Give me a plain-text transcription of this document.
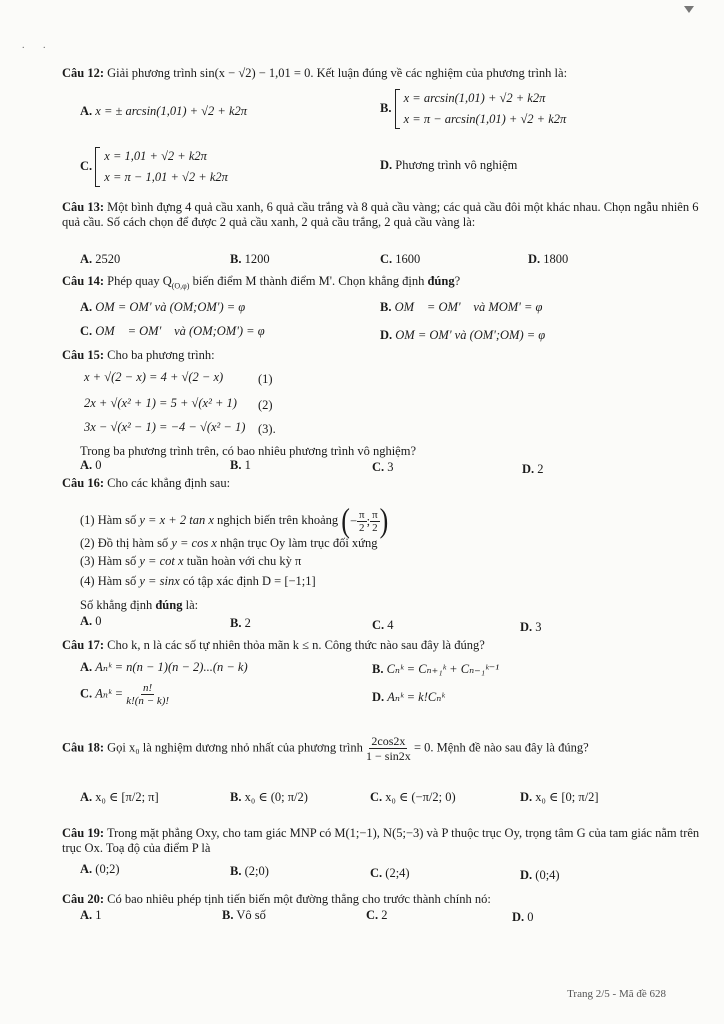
. .
Câu 12: Giải phương trình sin(x − √2) − 1,01 = 0. Kết luận đúng về các nghiệm của phương trình là:
A. x = ± arcsin(1,01) + √2 + k2π	B.
x = arcsin(1,01) + √2 + k2π
x = π − arcsin(1,01) + √2 + k2π
C.
x = 1,01 + √2 + k2π
x = π − 1,01 + √2 + k2π
D. Phương trình vô nghiệm
Câu 13: Một bình đựng 4 quả cầu xanh, 6 quả cầu trắng và 8 quả cầu vàng; các quả cầu đôi một khác nhau. Chọn ngẫu nhiên 6 quả cầu. Số cách chọn để được 2 quả cầu xanh, 2 quả cầu trắng, 2 quả cầu vàng là:
A. 2520	B. 1200	C. 1600	D. 1800
Câu 14: Phép quay $Q_{(O,\varphi)}$ biến điểm M thành điểm M'. Chọn khẳng định đúng?
A. OM = OM' và (OM;OM') = φ	B. OM⃗ = OM'⃗ và MOM' = φ
C. OM⃗ = OM'⃗ và (OM;OM') = φ	D. OM = OM' và (OM';OM) = φ
Câu 15: Cho ba phương trình:
x + √(2 − x) = 4 + √(2 − x)	(1)
2x + √(x² + 1) = 5 + √(x² + 1) (2)
3x − √(x² − 1) = −4 − √(x² − 1) (3).
Trong ba phương trình trên, có bao nhiêu phương trình vô nghiệm?
A. 0	B. 1	C. 3	D. 2
Câu 16: Cho các khẳng định sau:
(1) Hàm số y = x + 2 tan x nghịch biến trên khoảng ( − $\frac{\pi}{2}$ ; $\frac{\pi}{2}$ )
(2) Đồ thị hàm số y = cos x nhận trục Oy làm trục đối xứng
(3) Hàm số y = cot x tuần hoàn với chu kỳ π
(4) Hàm số y = sinx có tập xác định D = [−1;1]
Số khẳng định đúng là:
A. 0	B. 2	C. 4	D. 3
Câu 17: Cho k, n là các số tự nhiên thỏa mãn k ≤ n. Công thức nào sau đây là đúng?
A. Aₙᵏ = n(n − 1)(n − 2)...(n − k)	B. Cₙᵏ = Cₙ₊₁ᵏ + Cₙ₋₁ᵏ⁻¹
C. Aₙᵏ = $\frac{n!}{k!(n - k)!}$	D. Aₙᵏ = k!Cₙᵏ
Câu 18: Gọi x₀ là nghiệm dương nhỏ nhất của phương trình $\frac{2\cos 2x}{1 - \sin 2x} = 0$. Mệnh đề nào sau đây là đúng?
A. x₀ ∈ [π/2; π]	B. x₀ ∈ (0; π/2)	C. x₀ ∈ (−π/2; 0)	D. x₀ ∈ [0; π/2]
Câu 19: Trong mặt phẳng Oxy, cho tam giác MNP có M(1;−1), N(5;−3) và P thuộc trục Oy, trọng tâm G của tam giác nằm trên trục Ox. Toạ độ của điểm P là
A. (0;2)	B. (2;0)	C. (2;4)	D. (0;4)
Câu 20: Có bao nhiêu phép tịnh tiến biến một đường thẳng cho trước thành chính nó:
A. 1	B. Vô số	C. 2	D. 0
Trang 2/5 - Mã đề 628
